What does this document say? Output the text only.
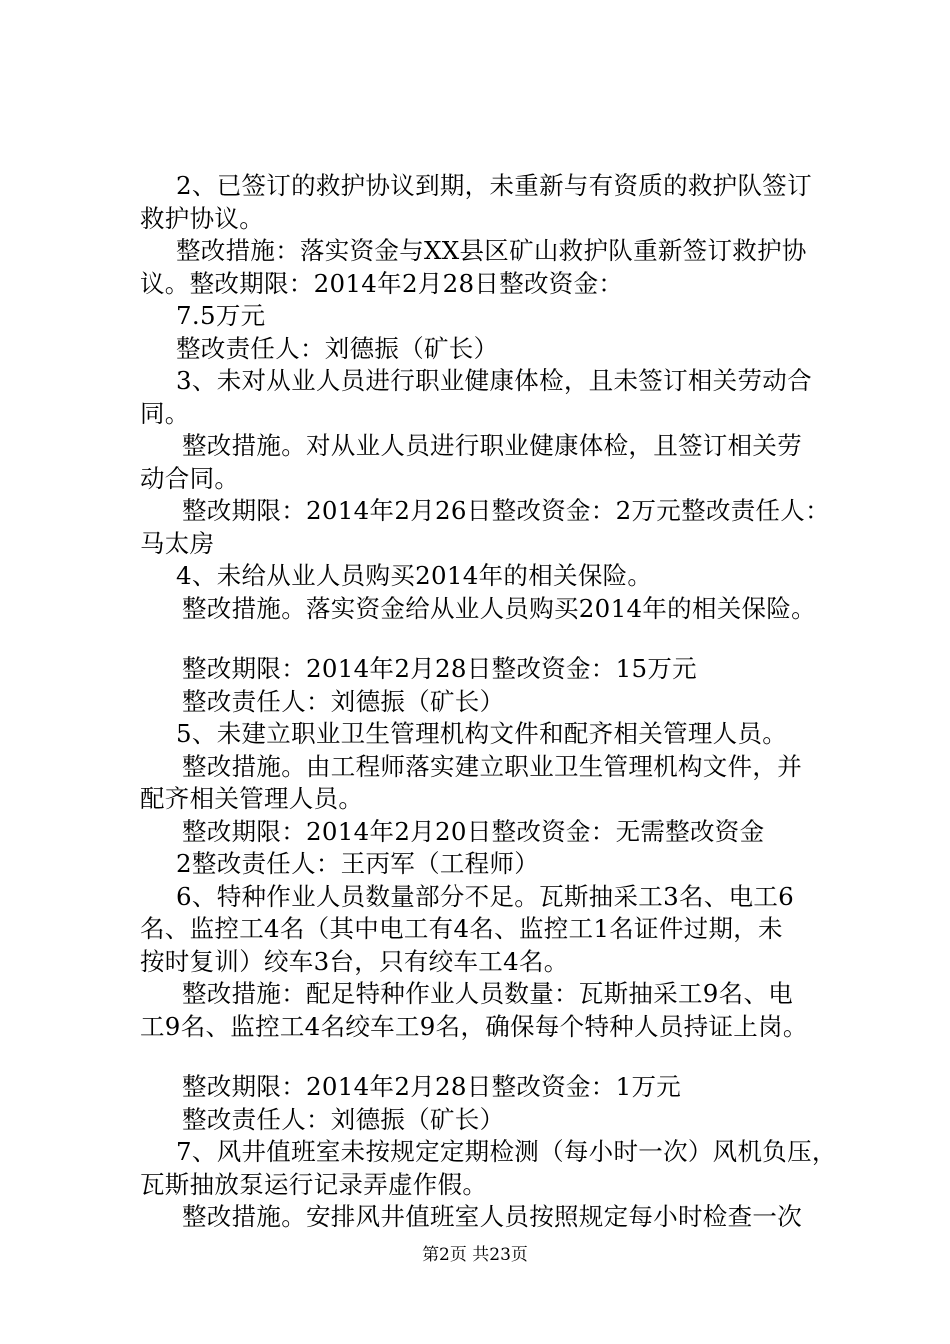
2、已签订的救护协议到期，未重新与有资质的救护队签订
救护协议。
整改措施：落实资金与XX县区矿山救护队重新签订救护协
议。整改期限：2014年2月28日整改资金：
7.5万元
整改责任人：刘德振（矿长）
3、未对从业人员进行职业健康体检，且未签订相关劳动合
同。
整改措施。对从业人员进行职业健康体检，且签订相关劳
动合同。
整改期限：2014年2月26日整改资金：2万元整改责任人：
马太房
4、未给从业人员购买2014年的相关保险。
整改措施。落实资金给从业人员购买2014年的相关保险。
整改期限：2014年2月28日整改资金：15万元
整改责任人：刘德振（矿长）
5、未建立职业卫生管理机构文件和配齐相关管理人员。
整改措施。由工程师落实建立职业卫生管理机构文件，并
配齐相关管理人员。
整改期限：2014年2月20日整改资金：无需整改资金
2整改责任人：王丙军（工程师）
6、特种作业人员数量部分不足。瓦斯抽采工3名、电工6
名、监控工4名（其中电工有4名、监控工1名证件过期，未
按时复训）绞车3台，只有绞车工4名。
整改措施：配足特种作业人员数量：瓦斯抽采工9名、电
工9名、监控工4名绞车工9名，确保每个特种人员持证上岗。
整改期限：2014年2月28日整改资金：1万元
整改责任人：刘德振（矿长）
7、风井值班室未按规定定期检测（每小时一次）风机负压，
瓦斯抽放泵运行记录弄虚作假。
整改措施。安排风井值班室人员按照规定每小时检查一次
第2页 共23页
